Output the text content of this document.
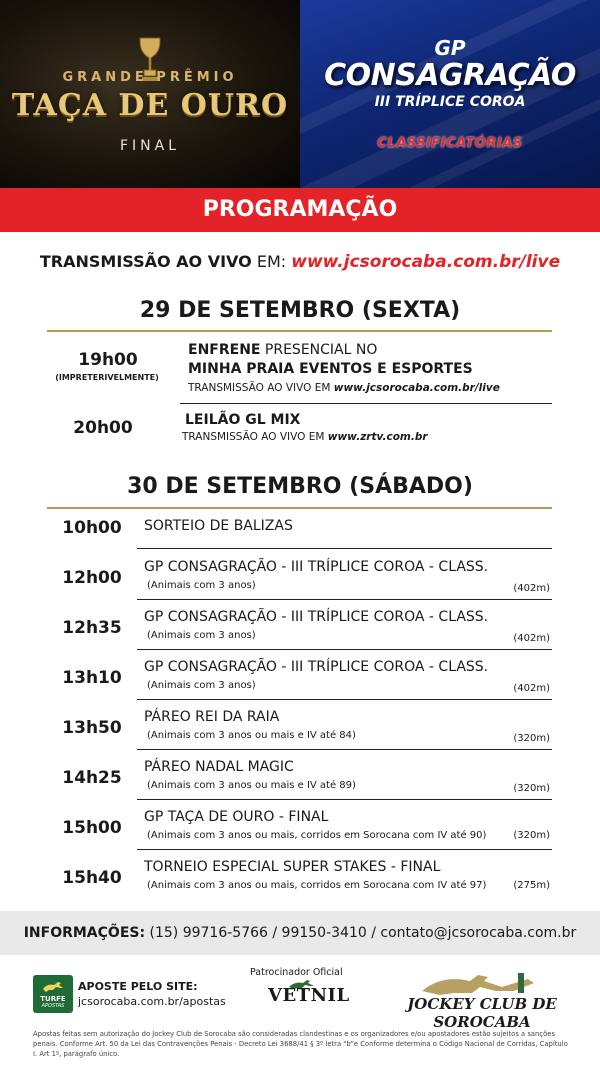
GRANDE PRÊMIO
TAÇA DE OURO
FINAL
GP
CONSAGRAÇÃO
III TRÍPLICE COROA
CLASSIFICATÓRIAS
PROGRAMAÇÃO
TRANSMISSÃO AO VIVO EM: www.jcsorocaba.com.br/live
29 DE SETEMBRO (SEXTA)
19h00
(IMPRETERIVELMENTE)
ENFRENE PRESENCIAL NO
MINHA PRAIA EVENTOS E ESPORTES
TRANSMISSÃO AO VIVO EM www.jcsorocaba.com.br/live
20h00	LEILÃO GL MIX
TRANSMISSÃO AO VIVO EM www.zrtv.com.br
30 DE SETEMBRO (SÁBADO)
10h00	SORTEIO DE BALIZAS
12h00
GP CONSAGRAÇÃO - III TRÍPLICE COROA - CLASS.
(Animais com 3 anos)	(402m)
12h35
GP CONSAGRAÇÃO - III TRÍPLICE COROA - CLASS.
(Animais com 3 anos)	(402m)
13h10
GP CONSAGRAÇÃO - III TRÍPLICE COROA - CLASS.
(Animais com 3 anos)	(402m)
13h50
PÁREO REI DA RAIA
(Animais com 3 anos ou mais e IV até 84)	(320m)
14h25
PÁREO NADAL MAGIC
(Animais com 3 anos ou mais e IV até 89)	(320m)
15h00
GP TAÇA DE OURO - FINAL
(Animais com 3 anos ou mais, corridos em Sorocana com IV até 90)	(320m)
15h40
TORNEIO ESPECIAL SUPER STAKES - FINAL
(Animais com 3 anos ou mais, corridos em Sorocana com IV até 97)	(275m)
INFORMAÇÕES: (15) 99716-5766 / 99150-3410 / contato@jcsorocaba.com.br
TURFE
APOSTAS
APOSTE PELO SITE:
jcsorocaba.com.br/apostas
Patrocinador Oficial
VETNIL	JOCKEY CLUB DE SOROCABA
Apostas feitas sem autorização do Jockey Club de Sorocaba são consideradas clandestinas e os organizadores e/ou apostadores estão sujeitos a sanções penais. Conforme Art. 50 da Lei das Contravenções Penais - Decreto Lei 3688/41 § 3º letra "b"e Conforme determina o Código Nacional de Corridas, Capítulo I. Art 1º, parágrafo único.
